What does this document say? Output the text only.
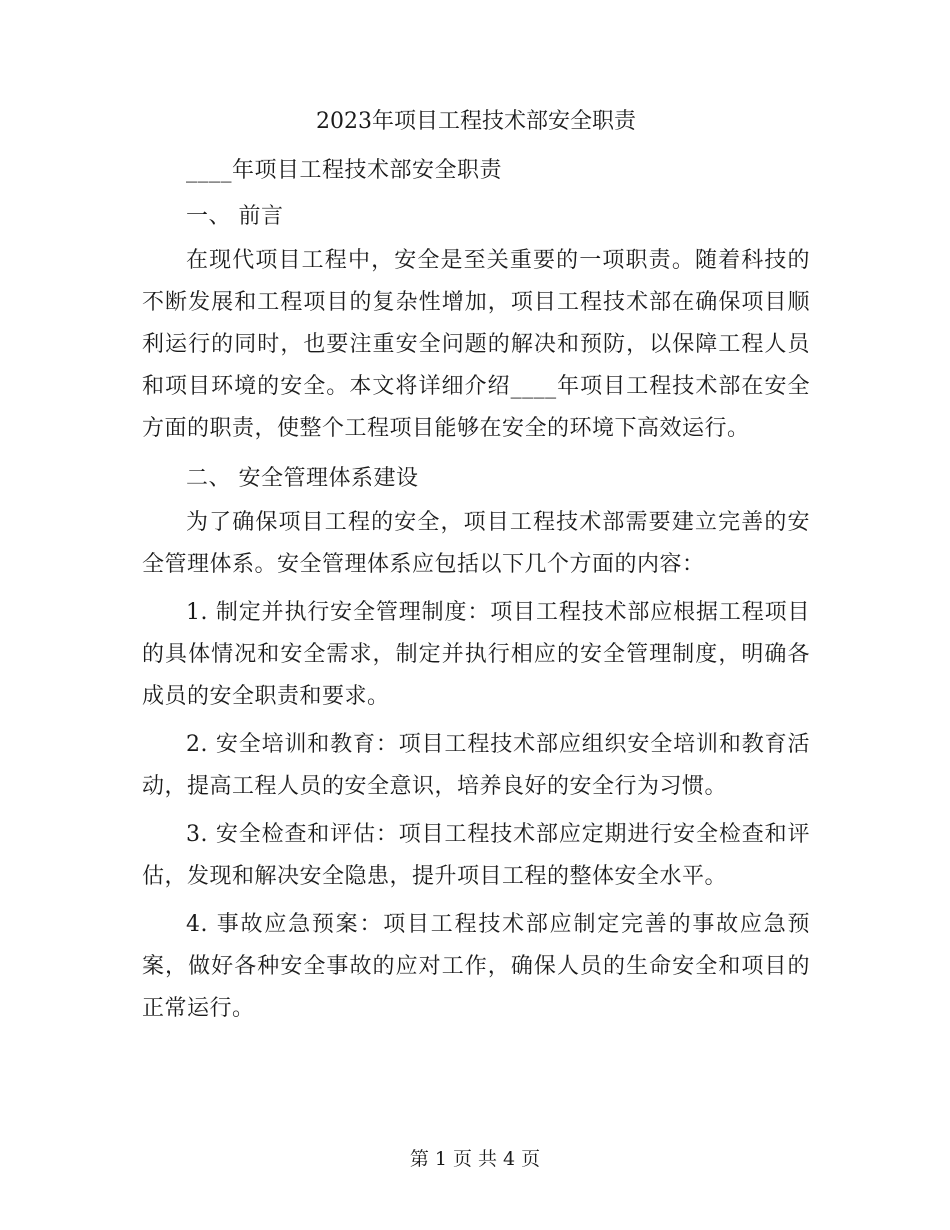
2023年项目工程技术部安全职责

____年项目工程技术部安全职责

一、 前言

在现代项目工程中，安全是至关重要的一项职责。随着科技的不断发展和工程项目的复杂性增加，项目工程技术部在确保项目顺利运行的同时，也要注重安全问题的解决和预防，以保障工程人员和项目环境的安全。本文将详细介绍____年项目工程技术部在安全方面的职责，使整个工程项目能够在安全的环境下高效运行。

二、 安全管理体系建设

为了确保项目工程的安全，项目工程技术部需要建立完善的安全管理体系。安全管理体系应包括以下几个方面的内容：

1. 制定并执行安全管理制度：项目工程技术部应根据工程项目的具体情况和安全需求，制定并执行相应的安全管理制度，明确各成员的安全职责和要求。

2. 安全培训和教育：项目工程技术部应组织安全培训和教育活动，提高工程人员的安全意识，培养良好的安全行为习惯。

3. 安全检查和评估：项目工程技术部应定期进行安全检查和评估，发现和解决安全隐患，提升项目工程的整体安全水平。

4. 事故应急预案：项目工程技术部应制定完善的事故应急预案，做好各种安全事故的应对工作，确保人员的生命安全和项目的正常运行。

第 1 页 共 4 页
